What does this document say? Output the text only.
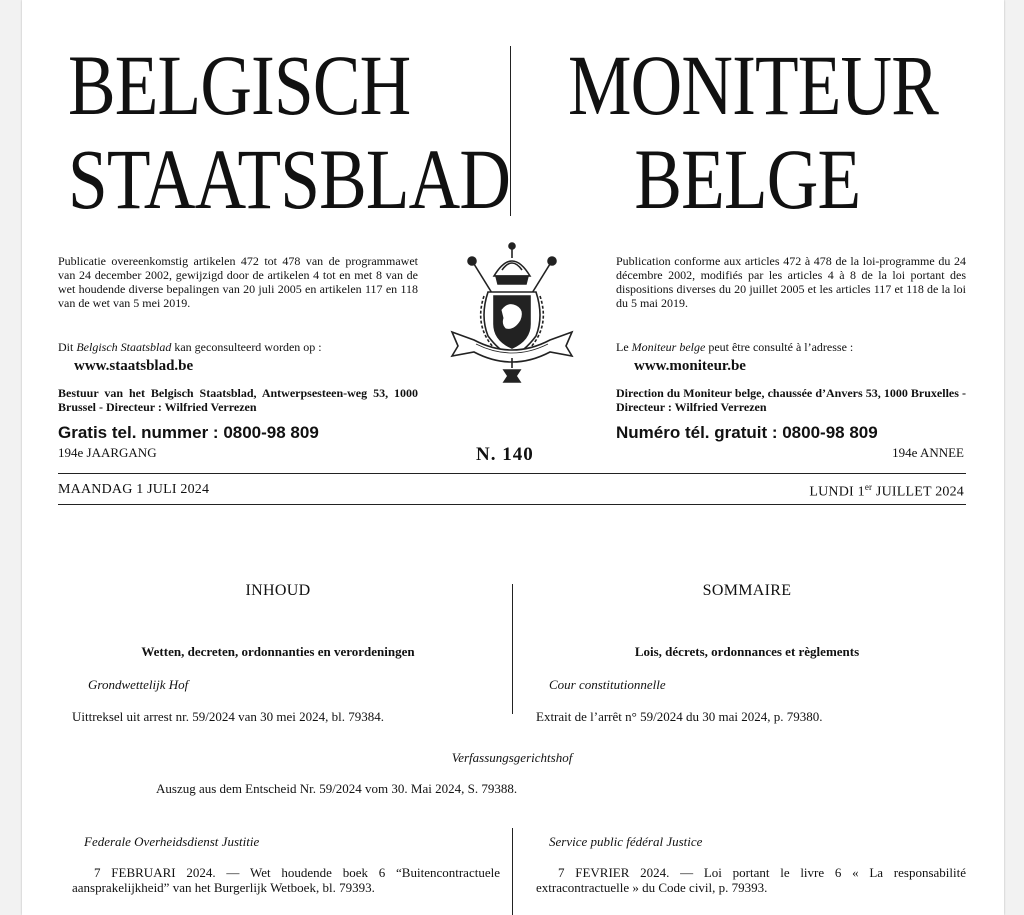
BELGISCH
STAATSBLAD
MONITEUR
BELGE
Publicatie overeenkomstig artikelen 472 tot 478 van de programmawet van 24 december 2002, gewijzigd door de artikelen 4 tot en met 8 van de wet houdende diverse bepalingen van 20 juli 2005 en artikelen 117 en 118 van de wet van 5 mei 2019.
Dit Belgisch Staatsblad kan geconsulteerd worden op :
www.staatsblad.be
Bestuur van het Belgisch Staatsblad, Antwerpsesteen-weg 53, 1000 Brussel - Directeur : Wilfried Verrezen
Gratis tel. nummer : 0800-98 809
194e JAARGANG	N. 140
Publication conforme aux articles 472 à 478 de la loi-programme du 24 décembre 2002, modifiés par les articles 4 à 8 de la loi portant des dispositions diverses du 20 juillet 2005 et les articles 117 et 118 de la loi du 5 mai 2019.
Le Moniteur belge peut être consulté à l’adresse :
www.moniteur.be
Direction du Moniteur belge, chaussée d’Anvers 53, 1000 Bruxelles - Directeur : Wilfried Verrezen
Numéro tél. gratuit : 0800-98 809
194e ANNEE
MAANDAG 1 JULI 2024	LUNDI 1er JUILLET 2024
INHOUD	SOMMAIRE
Wetten, decreten, ordonnanties en verordeningen	Lois, décrets, ordonnances et règlements
Grondwettelijk Hof	Cour constitutionnelle
Uittreksel uit arrest nr. 59/2024 van 30 mei 2024, bl. 79384.	Extrait de l’arrêt n° 59/2024 du 30 mai 2024, p. 79380.
Verfassungsgerichtshof
Auszug aus dem Entscheid Nr. 59/2024 vom 30. Mai 2024, S. 79388.
Federale Overheidsdienst Justitie	Service public fédéral Justice
7 FEBRUARI 2024. — Wet houdende boek 6 “Buitencontractuele aansprakelijkheid” van het Burgerlijk Wetboek, bl. 79393.
7 FEVRIER 2024. — Loi portant le livre 6 « La responsabilité extracontractuelle » du Code civil, p. 79393.
